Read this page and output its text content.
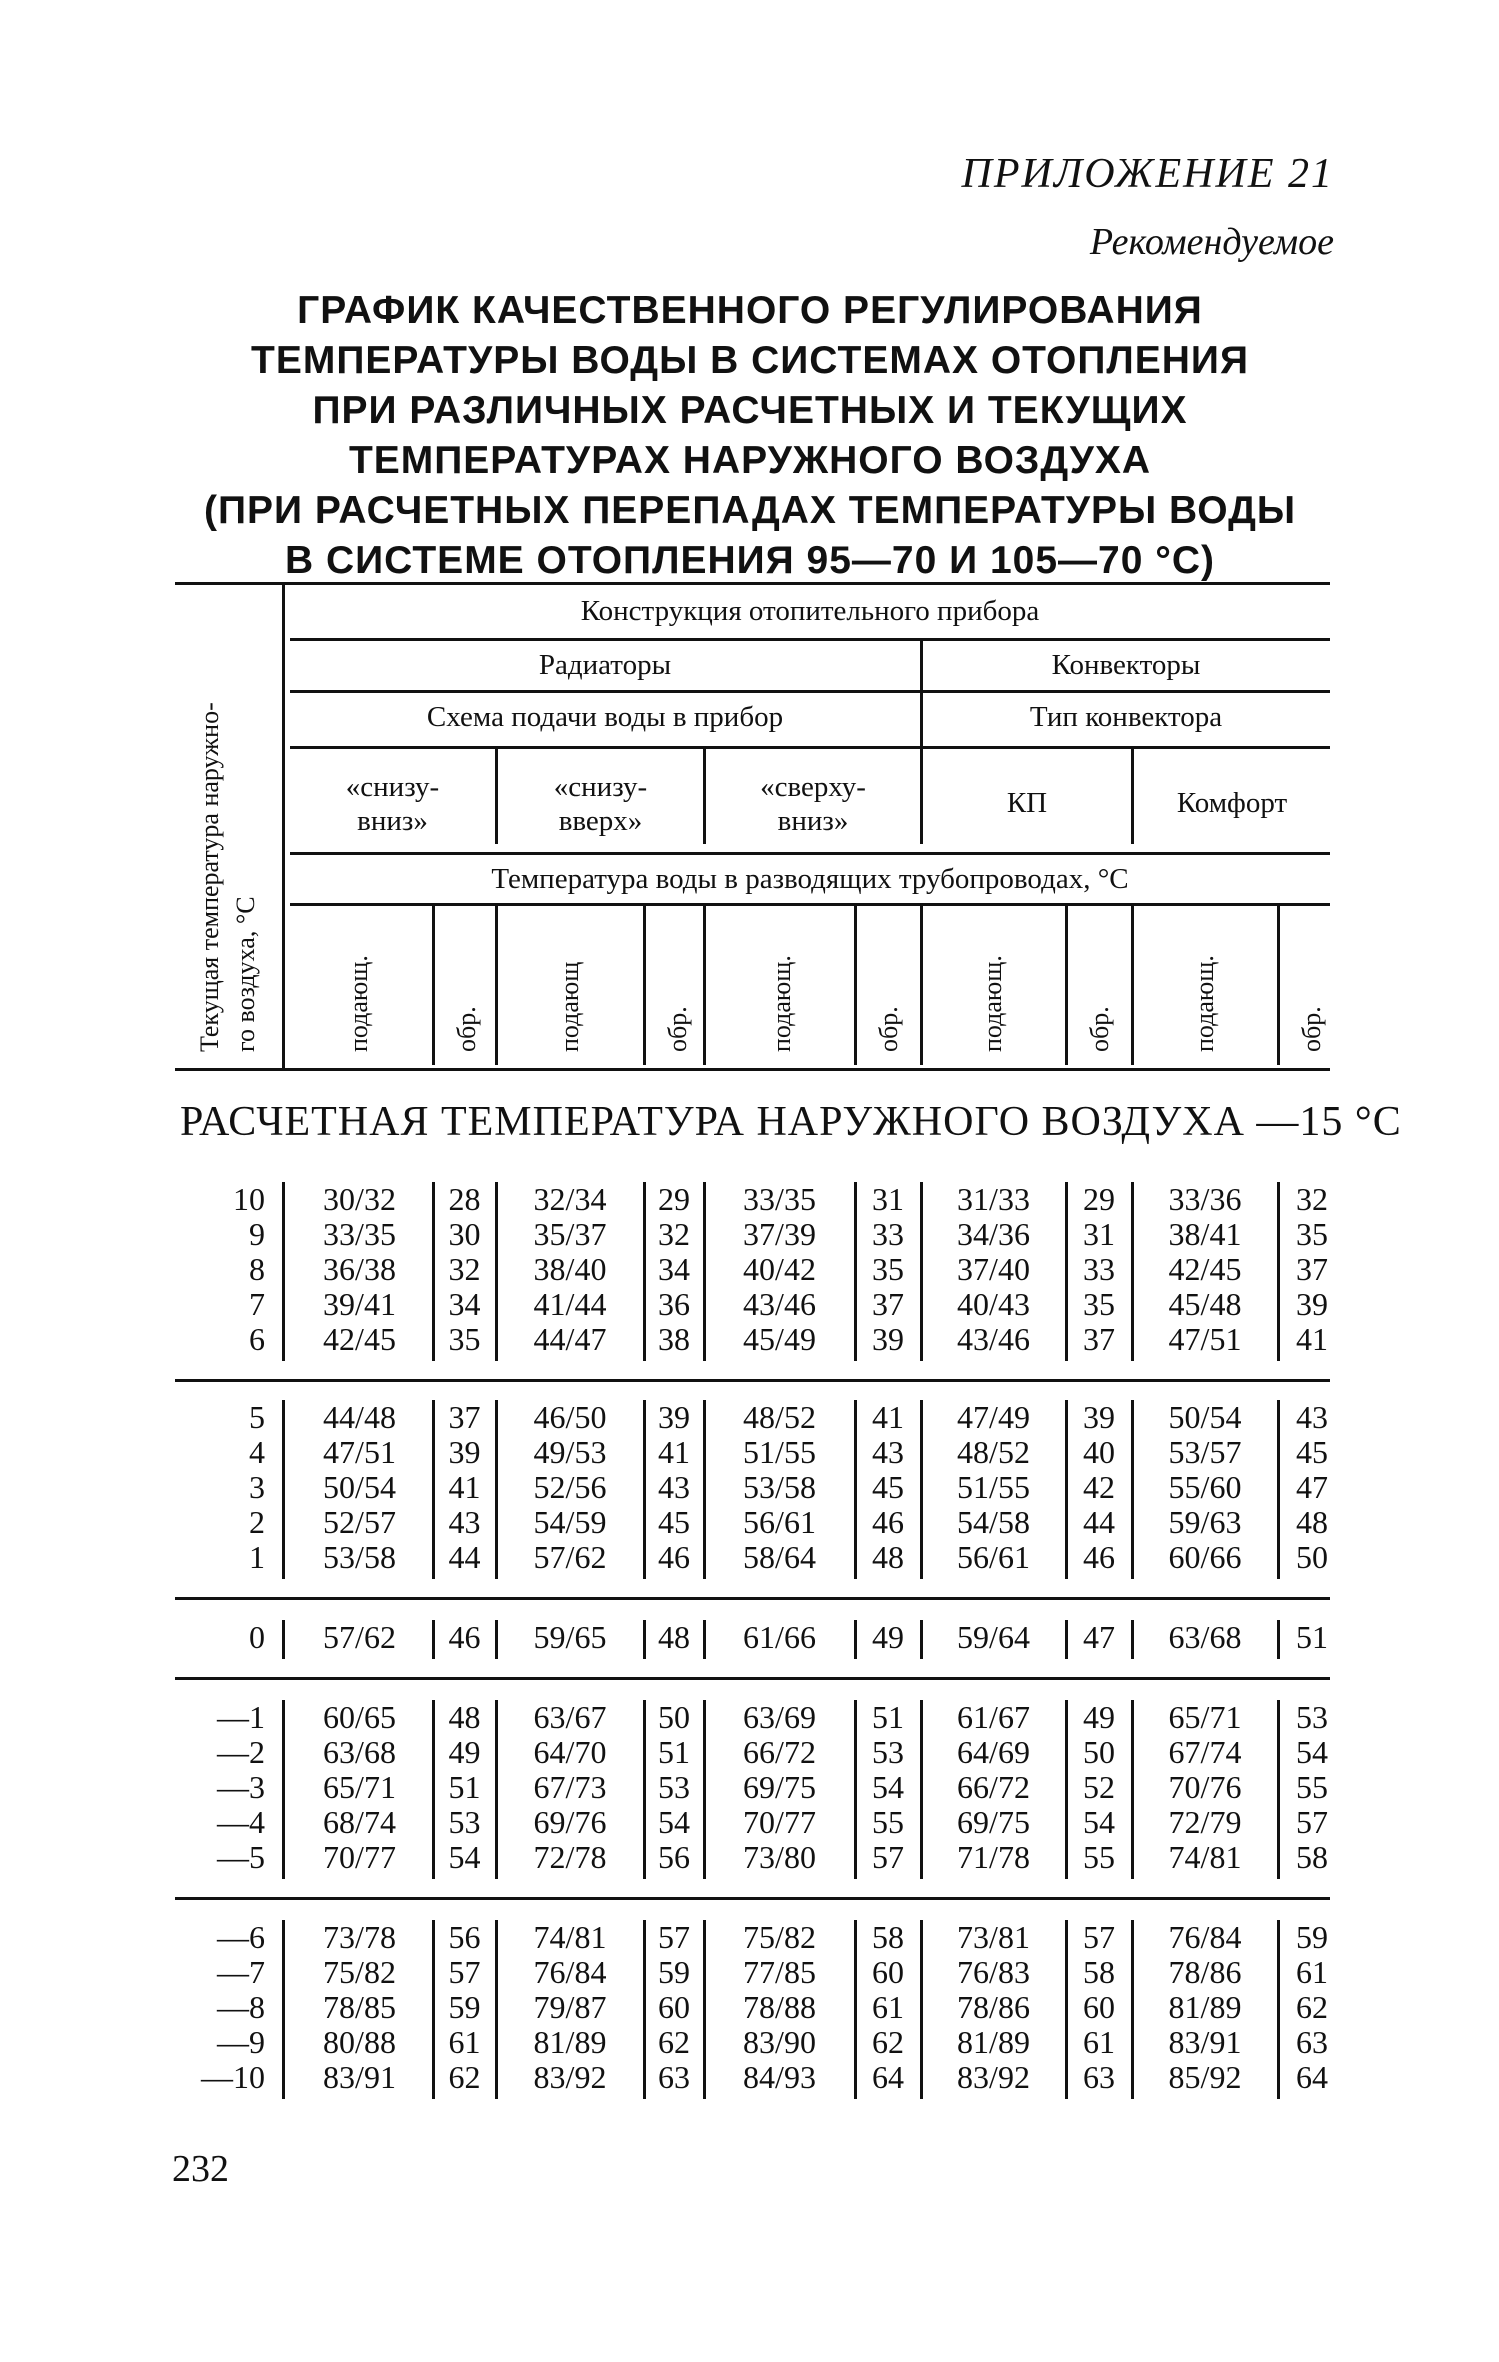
ПРИЛОЖЕНИЕ 21
Рекомендуемое
ГРАФИК КАЧЕСТВЕННОГО РЕГУЛИРОВАНИЯ
ТЕМПЕРАТУРЫ ВОДЫ В СИСТЕМАХ ОТОПЛЕНИЯ
ПРИ РАЗЛИЧНЫХ РАСЧЕТНЫХ И ТЕКУЩИХ
ТЕМПЕРАТУРАХ НАРУЖНОГО ВОЗДУХА
(ПРИ РАСЧЕТНЫХ ПЕРЕПАДАХ ТЕМПЕРАТУРЫ ВОДЫ
В СИСТЕМЕ ОТОПЛЕНИЯ 95—70 И 105—70 °С)
Текущая температура наружно- го воздуха, °С
Конструкция отопительного прибора
Радиаторы	Конвекторы
Схема подачи воды в прибор	Тип конвектора
«снизу-
вниз»
«снизу-
вверх»
«сверху-
вниз»
КП	Комфорт
Температура воды в разводящих трубопроводах, °С
подающ.	обр.	подающ	обр.	подающ.	обр.	подающ.	обр.	подающ.	обр.
РАСЧЕТНАЯ ТЕМПЕРАТУРА НАРУЖНОГО ВОЗДУХА —15 °С
10	30/32	28	32/34	29	33/35	31	31/33	29	33/36	32
9	33/35	30	35/37	32	37/39	33	34/36	31	38/41	35
8	36/38	32	38/40	34	40/42	35	37/40	33	42/45	37
7	39/41	34	41/44	36	43/46	37	40/43	35	45/48	39
6	42/45	35	44/47	38	45/49	39	43/46	37	47/51	41
5	44/48	37	46/50	39	48/52	41	47/49	39	50/54	43
4	47/51	39	49/53	41	51/55	43	48/52	40	53/57	45
3	50/54	41	52/56	43	53/58	45	51/55	42	55/60	47
2	52/57	43	54/59	45	56/61	46	54/58	44	59/63	48
1	53/58	44	57/62	46	58/64	48	56/61	46	60/66	50
0	57/62	46	59/65	48	61/66	49	59/64	47	63/68	51
—1	60/65	48	63/67	50	63/69	51	61/67	49	65/71	53
—2	63/68	49	64/70	51	66/72	53	64/69	50	67/74	54
—3	65/71	51	67/73	53	69/75	54	66/72	52	70/76	55
—4	68/74	53	69/76	54	70/77	55	69/75	54	72/79	57
—5	70/77	54	72/78	56	73/80	57	71/78	55	74/81	58
—6	73/78	56	74/81	57	75/82	58	73/81	57	76/84	59
—7	75/82	57	76/84	59	77/85	60	76/83	58	78/86	61
—8	78/85	59	79/87	60	78/88	61	78/86	60	81/89	62
—9	80/88	61	81/89	62	83/90	62	81/89	61	83/91	63
—10	83/91	62	83/92	63	84/93	64	83/92	63	85/92	64
232
